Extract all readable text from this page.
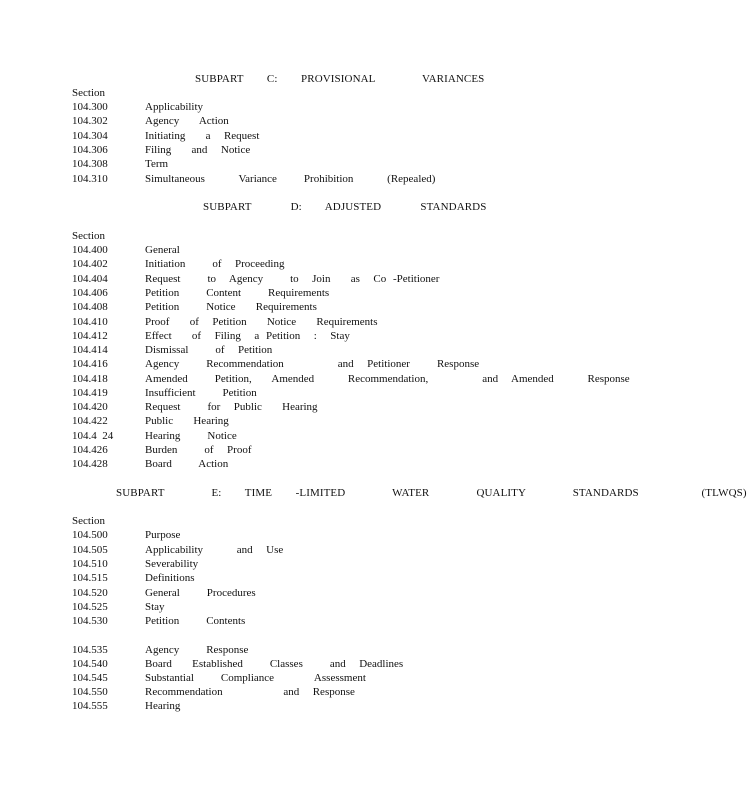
SUBPART   C:   PROVISIONAL      VARIANCES
Section
104.300	Applicability
104.302	Agency   Action
104.304	Initiating   a  Request
104.306	Filing   and  Notice
104.308	Term
104.310	Simultaneous     Variance    Prohibition     (Repealed)
SUBPART     D:   ADJUSTED     STANDARDS
Section
104.400	General
104.402	Initiation    of  Proceeding
104.404	Request    to  Agency    to  Join   as  Co -Petitioner
104.406	Petition    Content    Requirements
104.408	Petition    Notice   Requirements
104.410	Proof   of  Petition   Notice   Requirements
104.412	Effect   of  Filing  a Petition  :  Stay
104.414	Dismissal    of  Petition
104.416	Agency    Recommendation        and  Petitioner    Response
104.418	Amended    Petition,   Amended     Recommendation,        and  Amended     Response
104.419	Insufficient    Petition
104.420	Request    for  Public   Hearing
104.422	Public   Hearing
104.4  24	Hearing    Notice
104.426	Burden    of  Proof
104.428	Board    Action
SUBPART      E:   TIME   -LIMITED      WATER      QUALITY      STANDARDS        (TLWQS)
Section
104.500	Purpose
104.505	Applicability     and  Use
104.510	Severability
104.515	Definitions
104.520	General    Procedures
104.525	Stay
104.530	Petition    Contents
104.535	Agency    Response
104.540	Board   Established    Classes    and  Deadlines
104.545	Substantial    Compliance      Assessment
104.550	Recommendation         and  Response
104.555	Hearing
